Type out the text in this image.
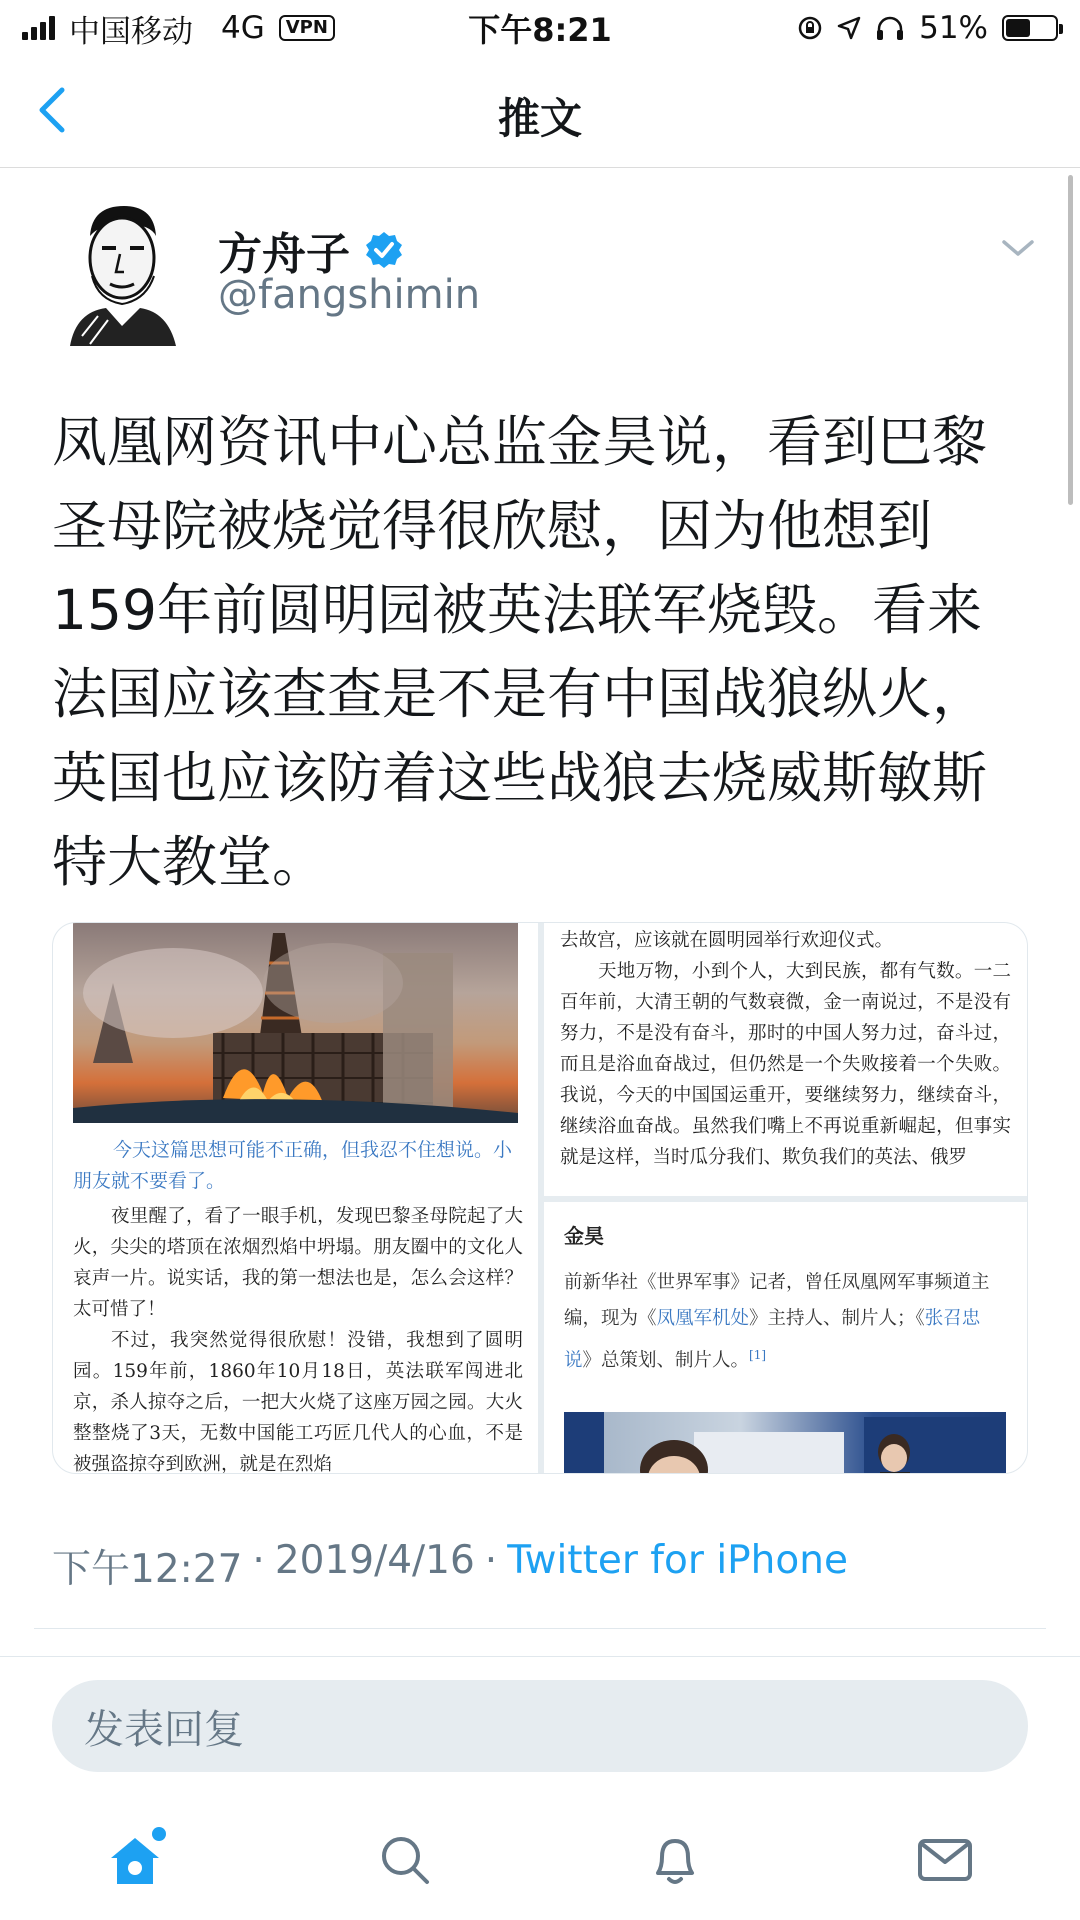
中国移动 4G	VPN	下午8:21	51%
推文
方舟子
@fangshimin
凤凰网资讯中心总监金昊说，看到巴黎圣母院被烧觉得很欣慰，因为他想到159年前圆明园被英法联军烧毁。看来法国应该查查是不是有中国战狼纵火，英国也应该防着这些战狼去烧威斯敏斯特大教堂。
今天这篇思想可能不正确，但我忍不住想说。小朋友就不要看了。

夜里醒了，看了一眼手机，发现巴黎圣母院起了大火，尖尖的塔顶在浓烟烈焰中坍塌。朋友圈中的文化人哀声一片。说实话，我的第一想法也是，怎么会这样？太可惜了！

不过，我突然觉得很欣慰！没错，我想到了圆明园。159年前，1860年10月18日，英法联军闯进北京，杀人掠夺之后，一把大火烧了这座万园之园。大火整整烧了3天，无数中国能工巧匠几代人的心血，不是被强盗掠夺到欧洲，就是在烈焰

去故宫，应该就在圆明园举行欢迎仪式。

天地万物，小到个人，大到民族，都有气数。一二百年前，大清王朝的气数衰微，金一南说过，不是没有努力，不是没有奋斗，那时的中国人努力过，奋斗过，而且是浴血奋战过，但仍然是一个失败接着一个失败。我说，今天的中国国运重开，要继续努力，继续奋斗，继续浴血奋战。虽然我们嘴上不再说重新崛起，但事实就是这样，当时瓜分我们、欺负我们的英法、俄罗

金昊
前新华社《世界军事》记者，曾任凤凰网军事频道主编，现为《凤凰军机处》主持人、制片人；《张召忠说》总策划、制片人。[1]
下午12:27 · 2019/4/16 · Twitter for iPhone
发表回复
